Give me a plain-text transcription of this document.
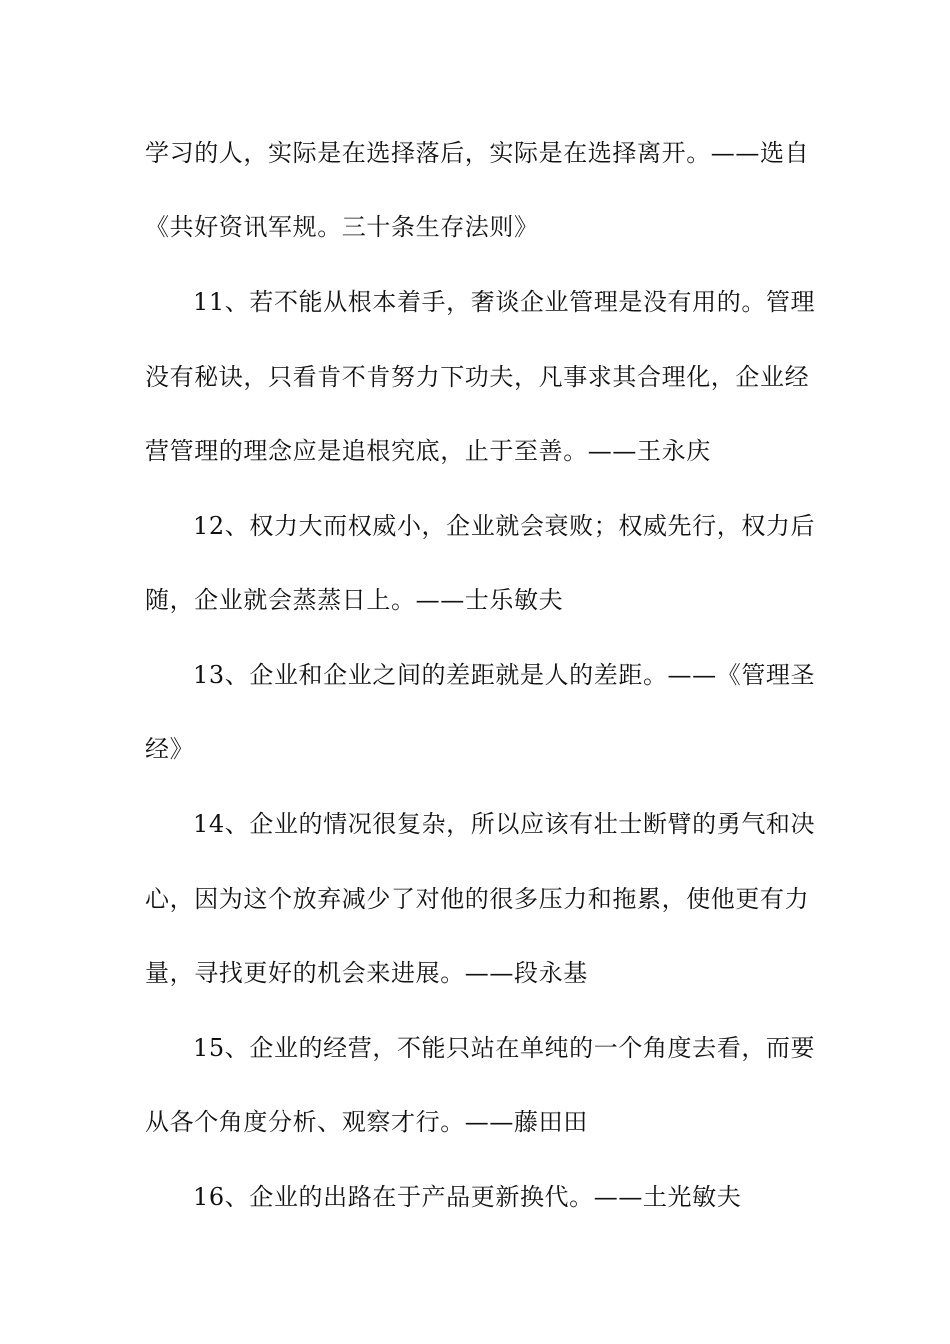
学习的人，实际是在选择落后，实际是在选择离开。——选自
《共好资讯军规。三十条生存法则》
11、若不能从根本着手，奢谈企业管理是没有用的。管理
没有秘诀，只看肯不肯努力下功夫，凡事求其合理化，企业经
营管理的理念应是追根究底，止于至善。——王永庆
12、权力大而权威小，企业就会衰败；权威先行，权力后
随，企业就会蒸蒸日上。——士乐敏夫
13、企业和企业之间的差距就是人的差距。——《管理圣
经》
14、企业的情况很复杂，所以应该有壮士断臂的勇气和决
心，因为这个放弃减少了对他的很多压力和拖累，使他更有力
量，寻找更好的机会来进展。——段永基
15、企业的经营，不能只站在单纯的一个角度去看，而要
从各个角度分析、观察才行。——藤田田
16、企业的出路在于产品更新换代。——土光敏夫
